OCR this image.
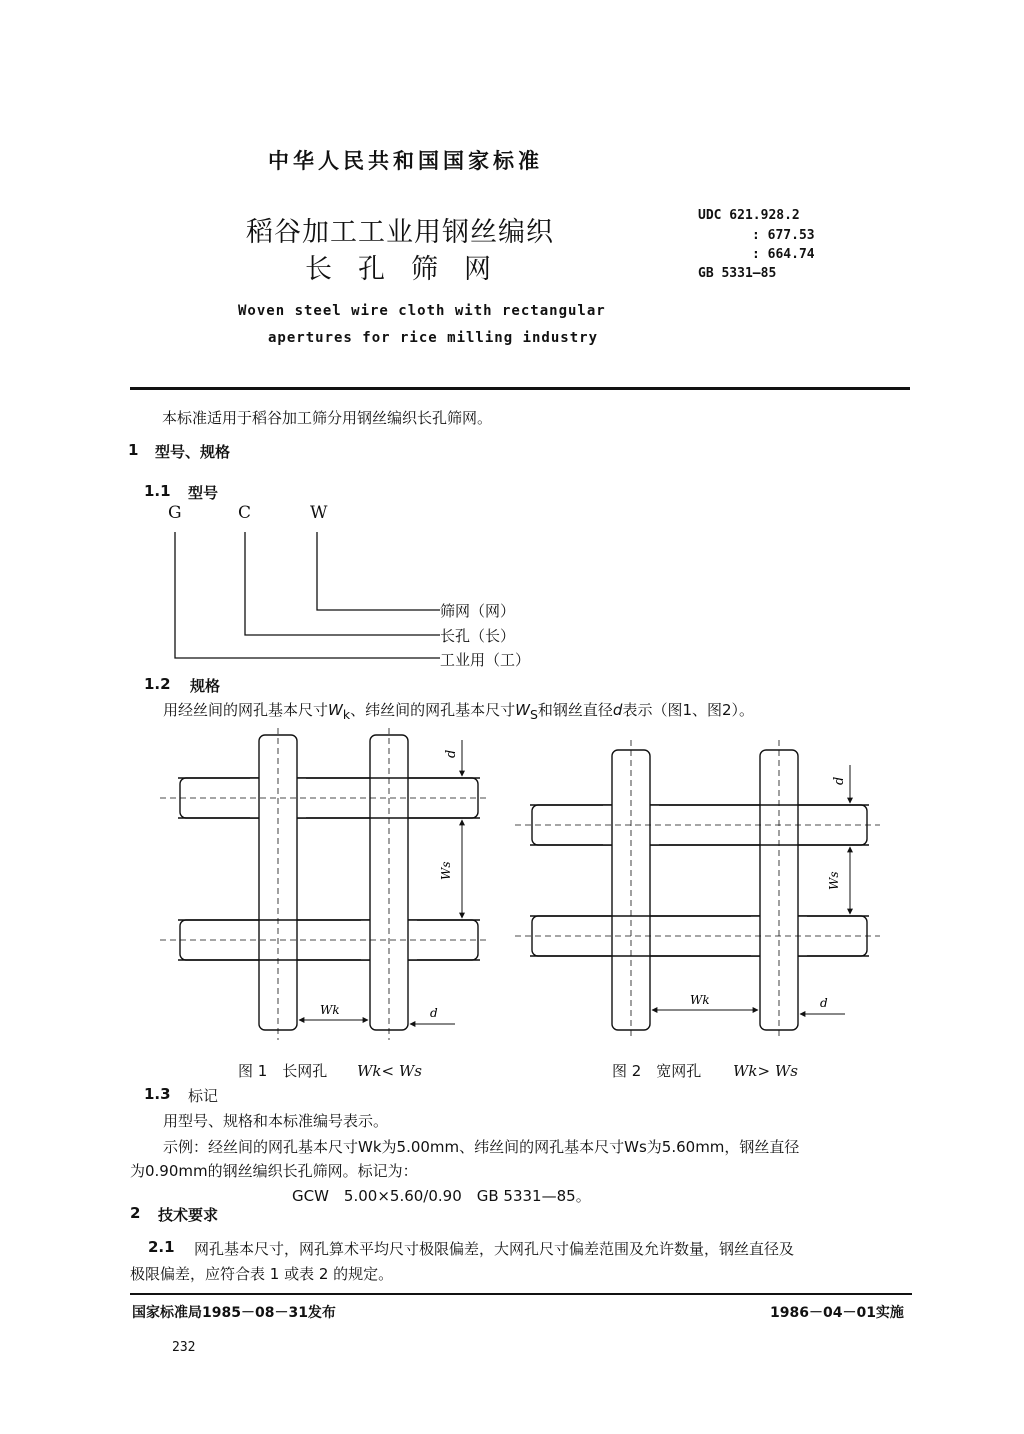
中华人民共和国国家标准
稻谷加工工业用钢丝编织
长孔筛网
Woven steel wire cloth with rectangular
apertures for rice milling industry
UDC 621.928.2
: 677.53
: 664.74
GB 5331—85
本标准适用于稻谷加工筛分用钢丝编织长孔筛网。
1 型号、规格
1.1 型号
G	C	W
筛网（网）
长孔（长）
工业用（工）
1.2 规格
用经丝间的网孔基本尺寸$W_k$、纬丝间的网孔基本尺寸$W_S$和钢丝直径d表示（图1、图2）。
d
Ws
Wk	d
d
Ws
Wk	d
图 1　长网孔 Wk< Ws	图 2　宽网孔 Wk> Ws
1.3 标记
用型号、规格和本标准编号表示。
示例：经丝间的网孔基本尺寸Wk为5.00mm、纬丝间的网孔基本尺寸Ws为5.60mm，钢丝直径
为0.90mm的钢丝编织长孔筛网。标记为：
GCW　5.00×5.60/0.90　GB 5331—85。
2 技术要求
2.1 网孔基本尺寸，网孔算术平均尺寸极限偏差，大网孔尺寸偏差范围及允许数量，钢丝直径及
极限偏差，应符合表 1 或表 2 的规定。
国家标准局1985－08－31发布	1986－04－01实施
232
